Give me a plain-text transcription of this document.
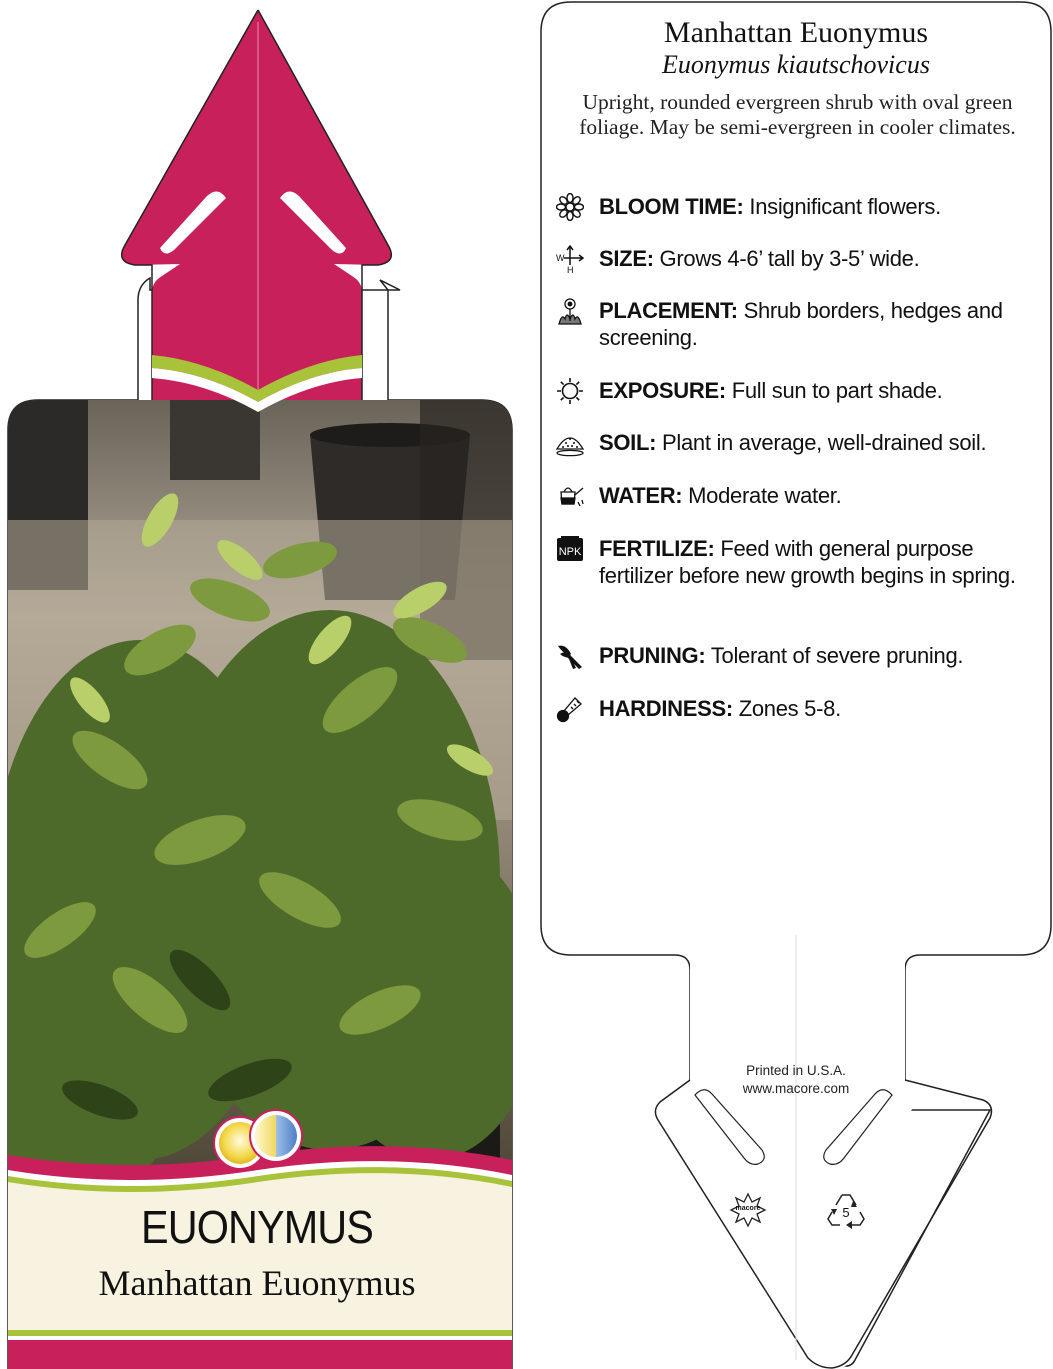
EUONYMUS
Manhattan Euonymus
Manhattan Euonymus
Euonymus kiautschovicus
Upright, rounded evergreen shrub with oval green foliage. May be semi-evergreen in cooler climates.
BLOOM TIME: Insignificant flowers.
W
H	SIZE: Grows 4-6’ tall by 3-5’ wide.
PLACEMENT: Shrub borders, hedges and screening.
EXPOSURE: Full sun to part shade.
SOIL: Plant in average, well-drained soil.
WATER: Moderate water.
NPK FERTILIZE: Feed with general purpose fertilizer before new growth begins in spring.
PRUNING: Tolerant of severe pruning.
HARDINESS: Zones 5-8.
Printed in U.S.A.
www.macore.com
macore	5
